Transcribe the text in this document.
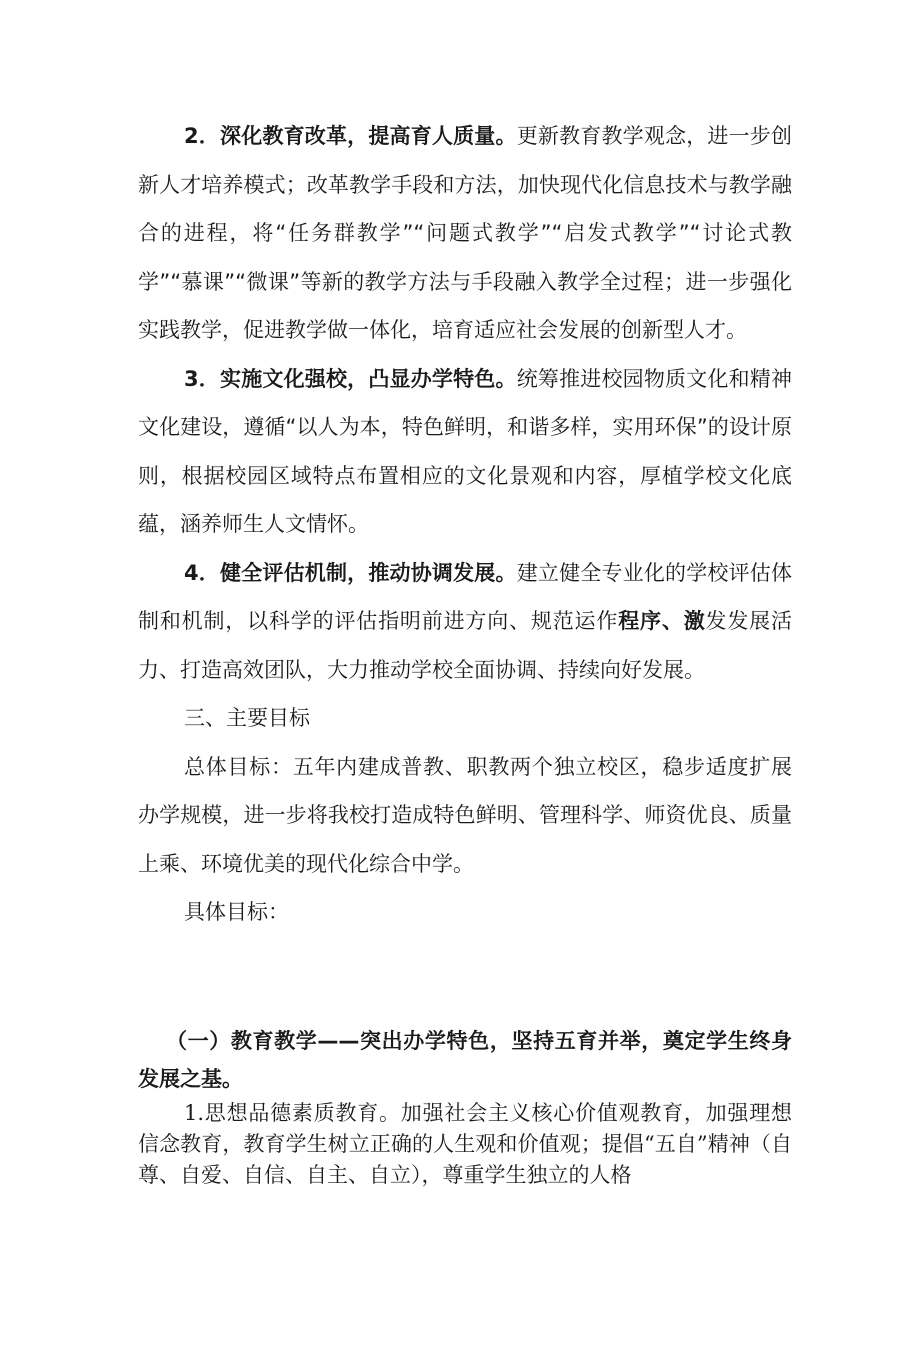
2．深化教育改革，提高育人质量。更新教育教学观念，进一步创新人才培养模式；改革教学手段和方法，加快现代化信息技术与教学融合的进程，将“任务群教学”“问题式教学”“启发式教学”“讨论式教学”“慕课”“微课”等新的教学方法与手段融入教学全过程；进一步强化实践教学，促进教学做一体化，培育适应社会发展的创新型人才。

3．实施文化强校，凸显办学特色。统筹推进校园物质文化和精神文化建设，遵循“以人为本，特色鲜明，和谐多样，实用环保”的设计原则，根据校园区域特点布置相应的文化景观和内容，厚植学校文化底蕴，涵养师生人文情怀。

4．健全评估机制，推动协调发展。建立健全专业化的学校评估体制和机制，以科学的评估指明前进方向、规范运作程序、激发发展活力、打造高效团队，大力推动学校全面协调、持续向好发展。

三、主要目标

总体目标：五年内建成普教、职教两个独立校区，稳步适度扩展办学规模，进一步将我校打造成特色鲜明、管理科学、师资优良、质量上乘、环境优美的现代化综合中学。

具体目标：

（一）教育教学——突出办学特色，坚持五育并举，奠定学生终身发展之基。

1.思想品德素质教育。加强社会主义核心价值观教育，加强理想信念教育，教育学生树立正确的人生观和价值观；提倡“五自”精神（自尊、自爱、自信、自主、自立），尊重学生独立的人格
